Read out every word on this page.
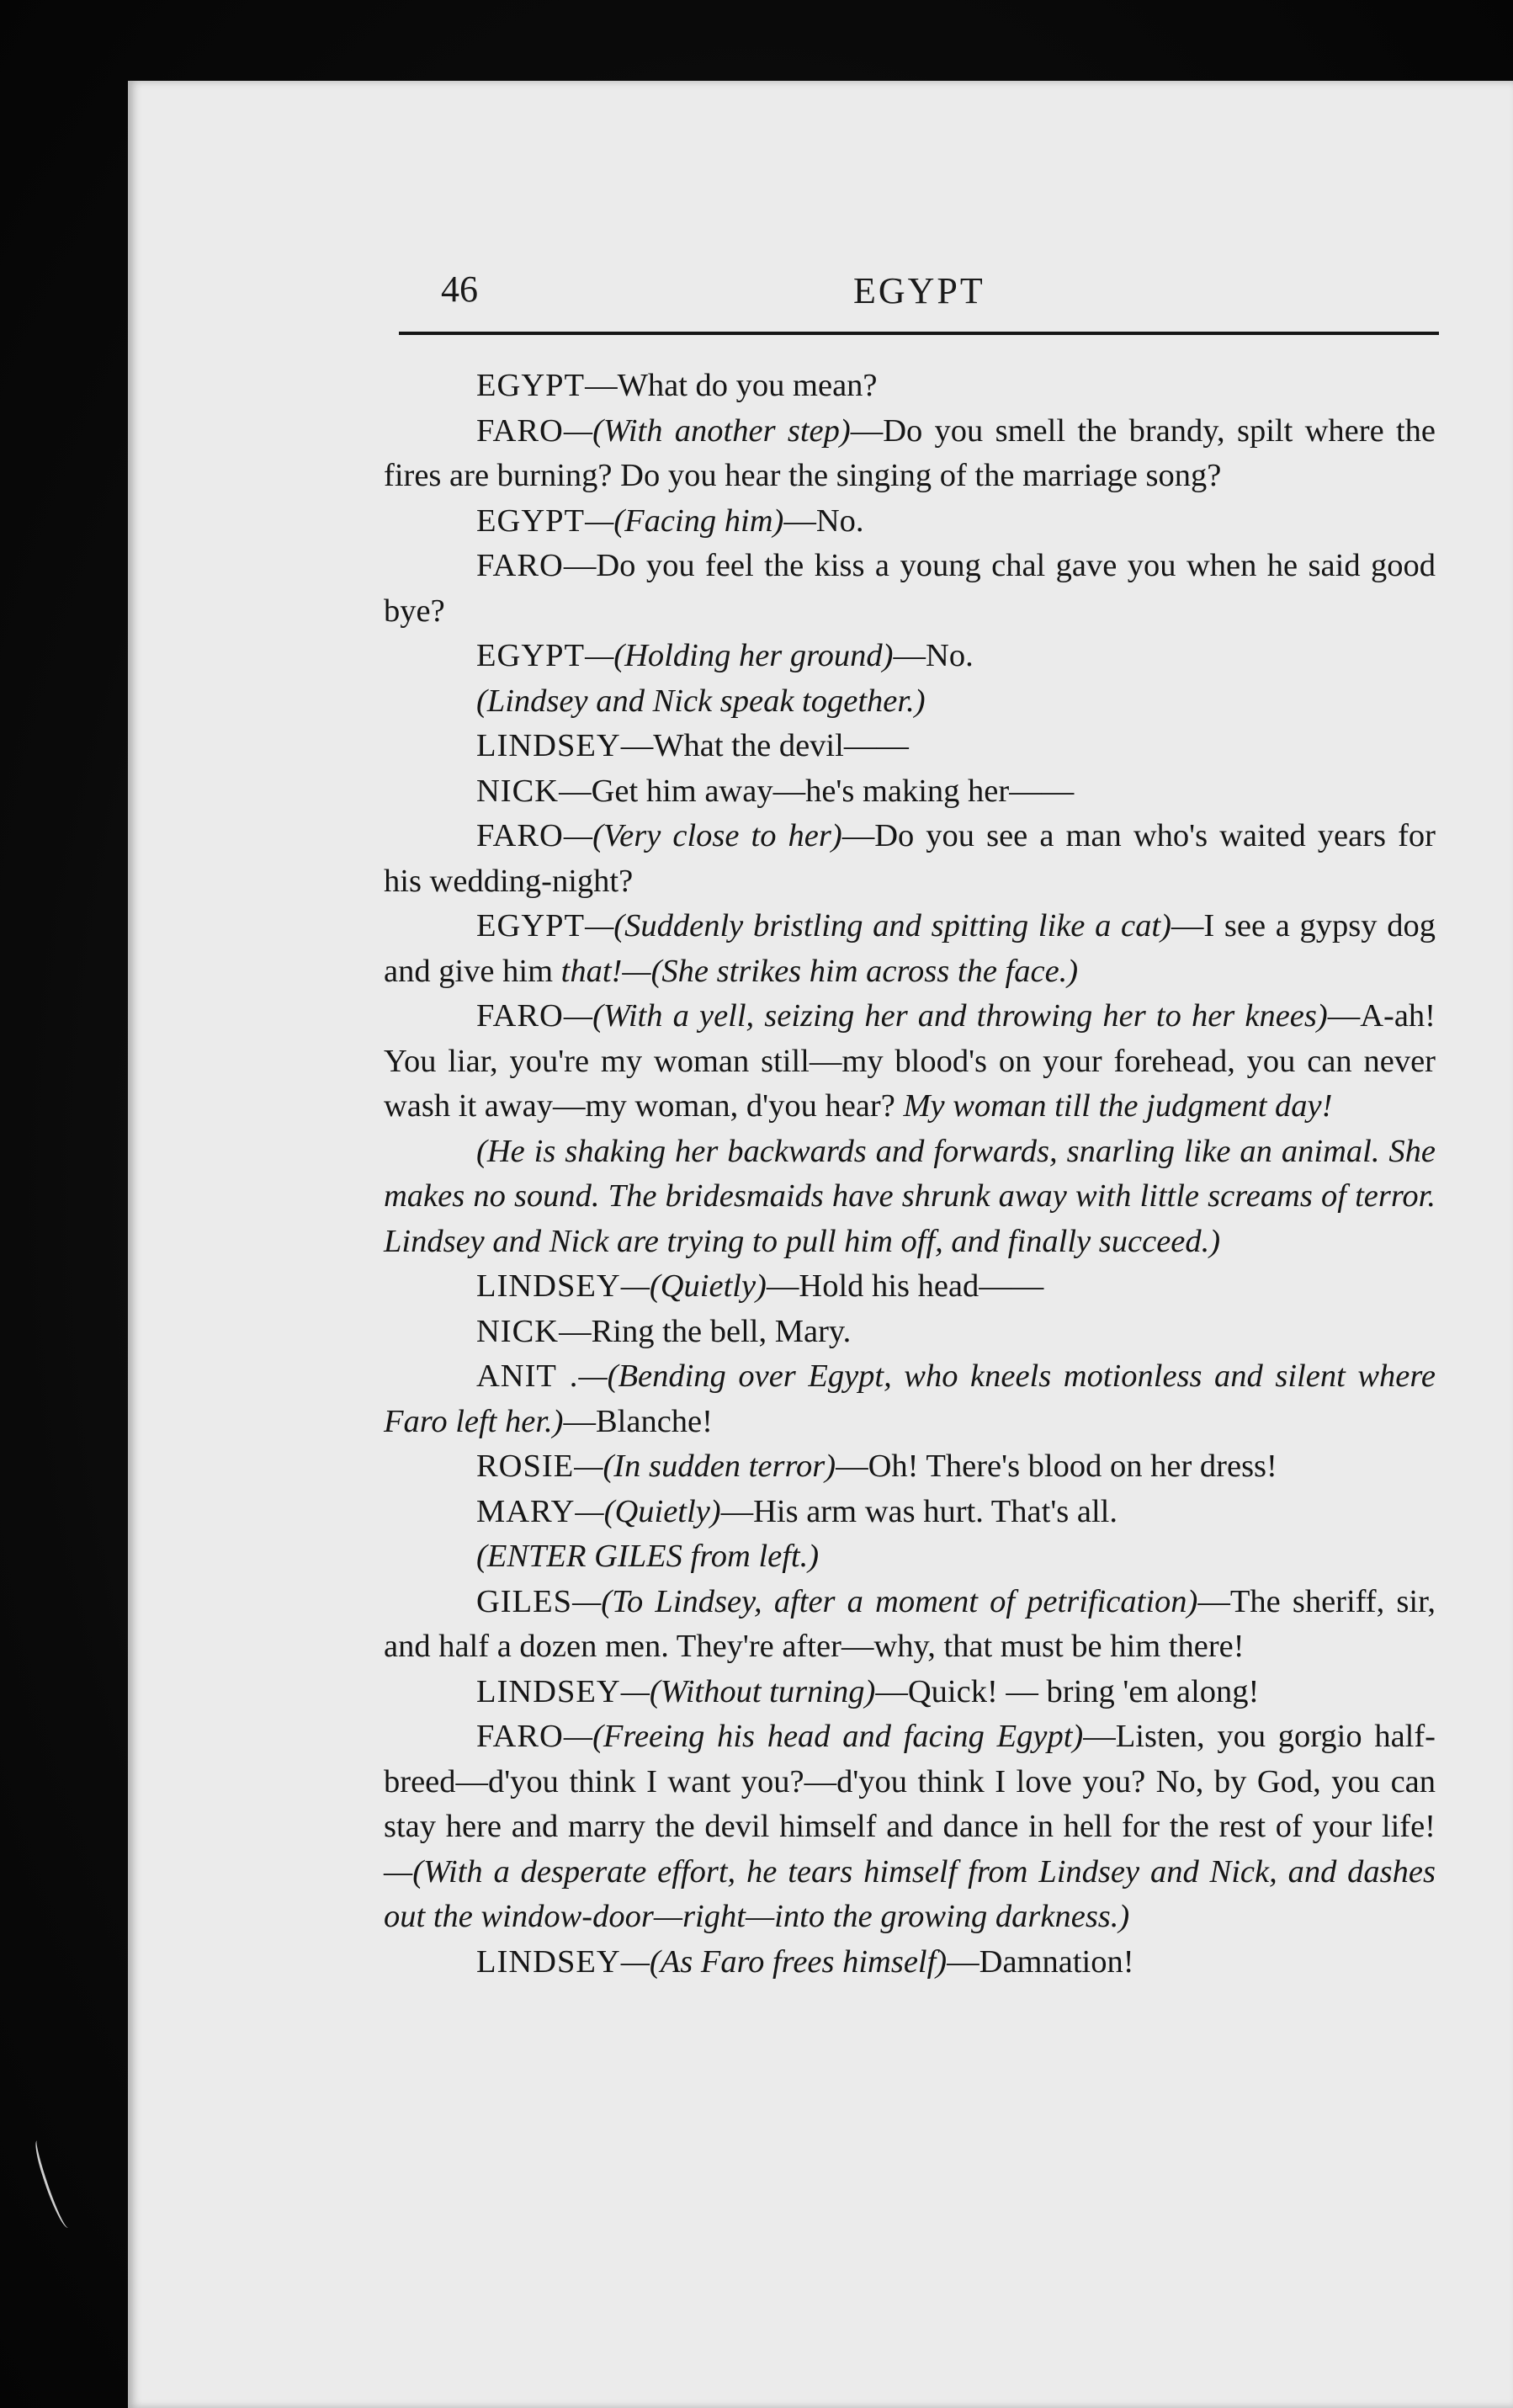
46	EGYPT

EGYPT—What do you mean?

FARO—(With another step)—Do you smell the brandy, spilt where the fires are burning? Do you hear the singing of the marriage song?

EGYPT—(Facing him)—No.

FARO—Do you feel the kiss a young chal gave you when he said good bye?

EGYPT—(Holding her ground)—No.

(Lindsey and Nick speak together.)

LINDSEY—What the devil——

NICK—Get him away—he's making her——

FARO—(Very close to her)—Do you see a man who's waited years for his wedding-night?

EGYPT—(Suddenly bristling and spitting like a cat)—I see a gypsy dog and give him that!—(She strikes him across the face.)

FARO—(With a yell, seizing her and throwing her to her knees)—A-ah! You liar, you're my woman still—my blood's on your forehead, you can never wash it away—my woman, d'you hear? My woman till the judgment day!

(He is shaking her backwards and forwards, snarling like an animal. She makes no sound. The bridesmaids have shrunk away with little screams of terror. Lindsey and Nick are trying to pull him off, and finally succeed.)

LINDSEY—(Quietly)—Hold his head——

NICK—Ring the bell, Mary.

ANIT .—(Bending over Egypt, who kneels motionless and silent where Faro left her.)—Blanche!

ROSIE—(In sudden terror)—Oh! There's blood on her dress!

MARY—(Quietly)—His arm was hurt. That's all.

(ENTER GILES from left.)

GILES—(To Lindsey, after a moment of petrification)—The sheriff, sir, and half a dozen men. They're after—why, that must be him there!

LINDSEY—(Without turning)—Quick! — bring 'em along!

FARO—(Freeing his head and facing Egypt)—Listen, you gorgio half-breed—d'you think I want you?—d'you think I love you? No, by God, you can stay here and marry the devil himself and dance in hell for the rest of your life!—(With a desperate effort, he tears himself from Lindsey and Nick, and dashes out the window-door—right—into the growing darkness.)

LINDSEY—(As Faro frees himself)—Damnation!
